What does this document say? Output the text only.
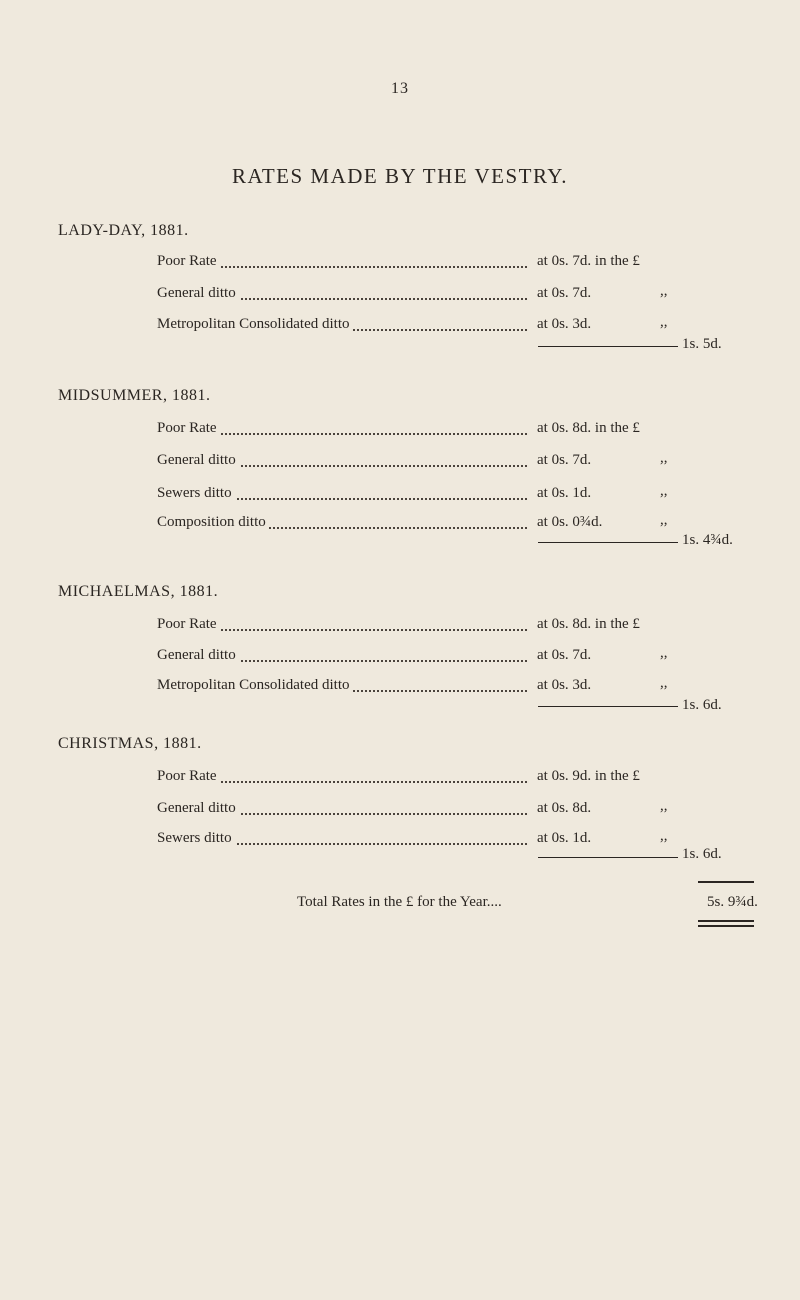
13
RATES MADE BY THE VESTRY.
LADY-DAY, 1881.
Poor Rate	at 0s. 7d. in the £
General ditto	at 0s. 7d.	,,
Metropolitan Consolidated ditto	at 0s. 3d.	,,
1s. 5d.
MIDSUMMER, 1881.
Poor Rate	at 0s. 8d. in the £
General ditto	at 0s. 7d.	,,
Sewers ditto	at 0s. 1d.	,,
Composition ditto	at 0s. 0¾d.	,,
1s. 4¾d.
MICHAELMAS, 1881.
Poor Rate	at 0s. 8d. in the £
General ditto	at 0s. 7d.	,,
Metropolitan Consolidated ditto	at 0s. 3d.	,,
1s. 6d.
CHRISTMAS, 1881.
Poor Rate	at 0s. 9d. in the £
General ditto	at 0s. 8d.	,,
Sewers ditto	at 0s. 1d.	,,
1s. 6d.
Total Rates in the £ for the Year....	5s. 9¾d.
